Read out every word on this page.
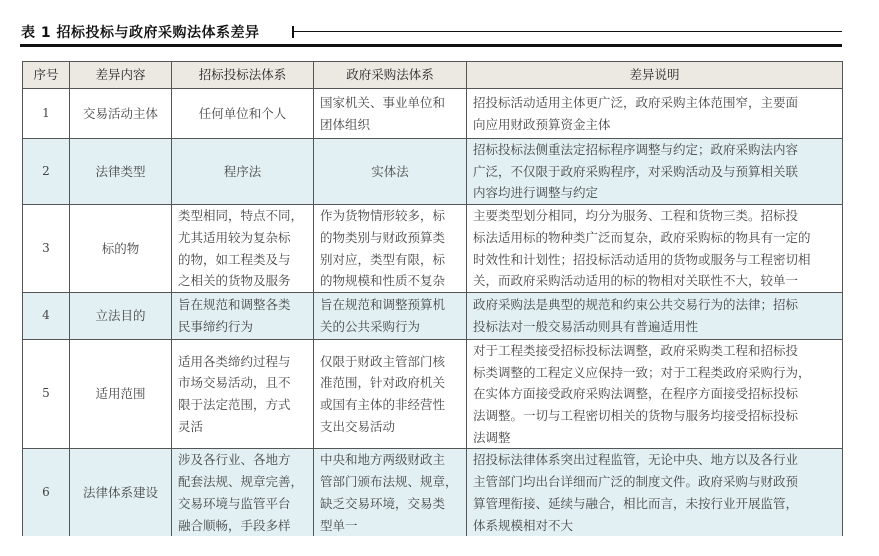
表 1 招标投标与政府采购法体系差异
序号	差异内容	招标投标法体系	政府采购法体系	差异说明
1	交易活动主体	任何单位和个人	国家机关、事业单位和
团体组织	招投标活动适用主体更广泛，政府采购主体范围窄，主要面
向应用财政预算资金主体

2	法律类型	程序法	实体法	招标投标法侧重法定招标程序调整与约定；政府采购法内容
广泛，不仅限于政府采购程序，对采购活动及与预算相关联
内容均进行调整与约定

3	标的物	类型相同，特点不同，
尤其适用较为复杂标
的物，如工程类及与
之相关的货物及服务	作为货物情形较多，标
的物类别与财政预算类
别对应，类型有限，标
的物规模和性质不复杂	主要类型划分相同，均分为服务、工程和货物三类。招标投
标法适用标的物种类广泛而复杂，政府采购标的物具有一定的
时效性和计划性；招投标活动适用的货物或服务与工程密切相
关，而政府采购活动适用的标的物相对关联性不大，较单一

4	立法目的	旨在规范和调整各类
民事缔约行为	旨在规范和调整预算机
关的公共采购行为	政府采购法是典型的规范和约束公共交易行为的法律；招标
投标法对一般交易活动则具有普遍适用性

5	适用范围	适用各类缔约过程与
市场交易活动，且不
限于法定范围，方式
灵活	仅限于财政主管部门核
准范围，针对政府机关
或国有主体的非经营性
支出交易活动	对于工程类接受招标投标法调整，政府采购类工程和招标投
标类调整的工程定义应保持一致；对于工程类政府采购行为，
在实体方面接受政府采购法调整，在程序方面接受招标投标
法调整。一切与工程密切相关的货物与服务均接受招标投标
法调整

6	法律体系建设	涉及各行业、各地方
配套法规、规章完善，
交易环境与监管平台
融合顺畅，手段多样	中央和地方两级财政主
管部门颁布法规、规章，
缺乏交易环境，交易类
型单一	招投标法律体系突出过程监管，无论中央、地方以及各行业
主管部门均出台详细而广泛的制度文件。政府采购与财政预
算管理衔接、延续与融合，相比而言，未按行业开展监管，
体系规模相对不大
